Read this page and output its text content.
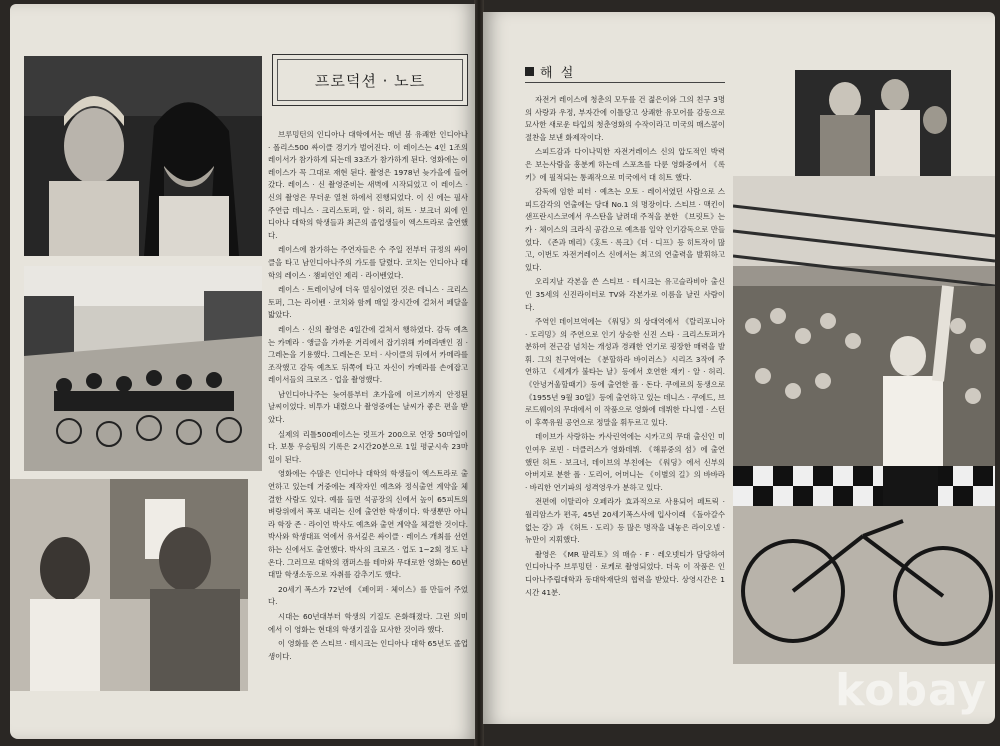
프로덕션 · 노트

브루밍턴의 인디아나 대학에서는 매년 봄 유쾌한 인디아나 · 폴리스500 싸이클 경기가 벌어진다. 이 레이스는 4인 1조의 레이서가 참가하게 되는데 33조가 참가하게 된다. 영화에는 이 레이스가 꼭 그대로 재현 된다. 촬영은 1978년 늦가을에 들어갔다. 레이스 · 신 촬영준비는 새벽에 시작되었고 이 레이스 · 신의 촬영은 무더운 열천 하에서 진행되었다. 이 신 에는 필사 주연급 데니스 · 크리스토퍼, 알 · 허리, 허트 · 보크너 외에 인디아나 대학의 학생들과 최근의 졸업생들이 엑스트라로 출연했다.

레이스에 참가하는 주연자들은 수 주일 전부터 규정의 싸이클을 타고 남인디아나주의 가도를 달렸다. 코치는 인디아나 대학의 레이스 · 챔피언인 제리 · 라이벤었다.

레이스 · 트레이닝에 더욱 열심이였던 것은 데니스 · 크리스토퍼, 그는 라이벤 · 코치와 함께 매일 장시간에 걸쳐서 페달을 밟았다.

레이스 · 신의 촬영은 4일간에 걸쳐서 행하였다. 감독 예츠는 카메라 · 앵글을 가까운 거리에서 잡기위해 카메라맨인 짐 · 그레논을 기용했다. 그레논은 모터 · 사이클의 뒤에서 카메라를 조작했고 감독 예츠도 뒤쪽에 타고 자신이 카메라를 손에잡고 레이서들의 크로즈 · 업을 촬영했다.

남인디아나주는 늦여름부터 초가을에 이르기까지 안정된 날씨이었다. 비투가 내렸으나 촬영중에는 날씨가 좋은 편을 받았다.

실제의 리틀500레이스는 럿프가 200으로 연장 50마일이다. 보통 우승팀의 기록은 2시간20분으로 1일 평균시속 23마일이 된다.

영화에는 수많은 인디아나 대학의 학생들이 엑스트라로 출연하고 있는데 거중에는 제작자인 예츠와 정식출연 계약을 체결한 사람도 있다. 예를 들면 석공장의 신에서 높이 65피트의 벼랑위에서 폭포 내리는 신에 출연한 학생이다. 학생뿐만 아니라 학장 존 · 라이언 박사도 예츠와 출연 계약을 체결한 것이다. 박사와 학생대표 역에서 유서깊은 싸이클 · 레이스 개최를 선언하는 신에서도 출연했다. 박사의 크로즈 · 업도 1~2회 정도 나온다. 그러므로 대학의 캠퍼스를 테마와 무대로한 영화는 60년대말 학생소동으로 자취를 감추기도 했다.

20세기 폭스가 72년에 《페이퍼 · 체이스》를 만들어 주었다.

시대는 60년대부터 학생의 기질도 온화해졌다. 그런 의미에서 이 영화는 현대의 학생기질을 묘사한 것이라 했다.

이 영화를 쓴 스티브 · 테시크는 인디아나 대학 65년도 졸업생이다.

해 설

자전거 레이스에 청춘의 모두를 건 젊은이와 그의 친구 3명의 사랑과 우정, 부자간에 이틀당고 상쾌한 유모어를 감동으로 묘사한 새로운 타입의 청춘영화의 수작이라고 미국의 매스콤이 절찬을 보낸 화제작이다.

스피드감과 다이나믹한 자전거레이스 신의 압도적인 박력은 보는사람을 흥분케 하는데 스포츠를 다룬 영화중에서 《록키》에 필적되는 통쾌작으로 미국에서 대 히트 했다.

감독에 임한 피터 · 예츠는 오토 · 레이서였던 사람으로 스피드감각의 연출에는 당대 No.1 의 명장이다. 스티브 · 맥킨이 샌프란시스코에서 우스탄을 날려대 주적을 분한 《브릿트》는 카 · 체이스의 크라식 공감으로 예츠를 일약 인기감독으로 만들었다. 《존과 메리》《홋트 · 록크》《더 · 디프》등 히트작이 많고, 이번도 자전거레이스 신에서는 최고의 연출력을 발휘하고 있다.

오리지날 각본을 쓴 스티브 · 테시크는 유고슬라비아 출신인 35세의 신진라이터로 TV와 각본가로 이름을 날린 사람이다.

주역인 데이브역에는 《워딩》의 상대역에서 《랄리포니아 · 도리밍》의 주연으로 인기 상승한 신진 스타 · 크리스토퍼가 분하여 전근감 넘치는 개성과 경쾌한 연기로 굉장한 매력을 발휘. 그의 친구역에는 《분할하라 바이러스》시리즈 3작에 주연하고 《세계가 불타는 날》등에서 호연한 재키 · 알 · 허리. 《안녕거울할때기》등에 출연한 폴 · 돈다. 쿠에르의 동생으로 《1955년 9월 30일》등에 출연하고 있는 데니스 · 쿠에드, 브로드웨이의 무대에서 이 작품으로 영화에 데뷔한 다니엘 · 스턴이 후쪽유원 공연으로 정말을 휘두르고 있다.

데이브가 사랑하는 카사린역에는 시카고의 무대 출신인 미인여우 로빈 · 더클러스가 영화데뷔. 《해류중의 섬》에 출연했던 허트 · 보크너, 데이브의 부친에는 《워딩》에서 신부의 아버지로 분한 폴 · 도리어, 어머니는 《이별의 길》의 바바라 · 바리한 연기파의 성격영우가 분하고 있다.

전편에 이탈리아 오페라가 효과적으로 사용되어 페트릭 · 월리암스가 편곡, 45년 20세기폭스사에 입사이래 《돌아갈수 없는 강》과 《허트 · 도리》등 많은 명작을 내놓은 라이오넬 · 뉴만이 지휘했다.

촬영은 《MR 팔리토》의 매슈 · F · 레오넷티가 담당하여 인디아나주 브루밍턴 · 로케로 촬영되었다. 더욱 이 작품은 인디아나주립대학과 동대학재단의 협력을 받았다. 상영시간은 1 시간 41분.

kobay
